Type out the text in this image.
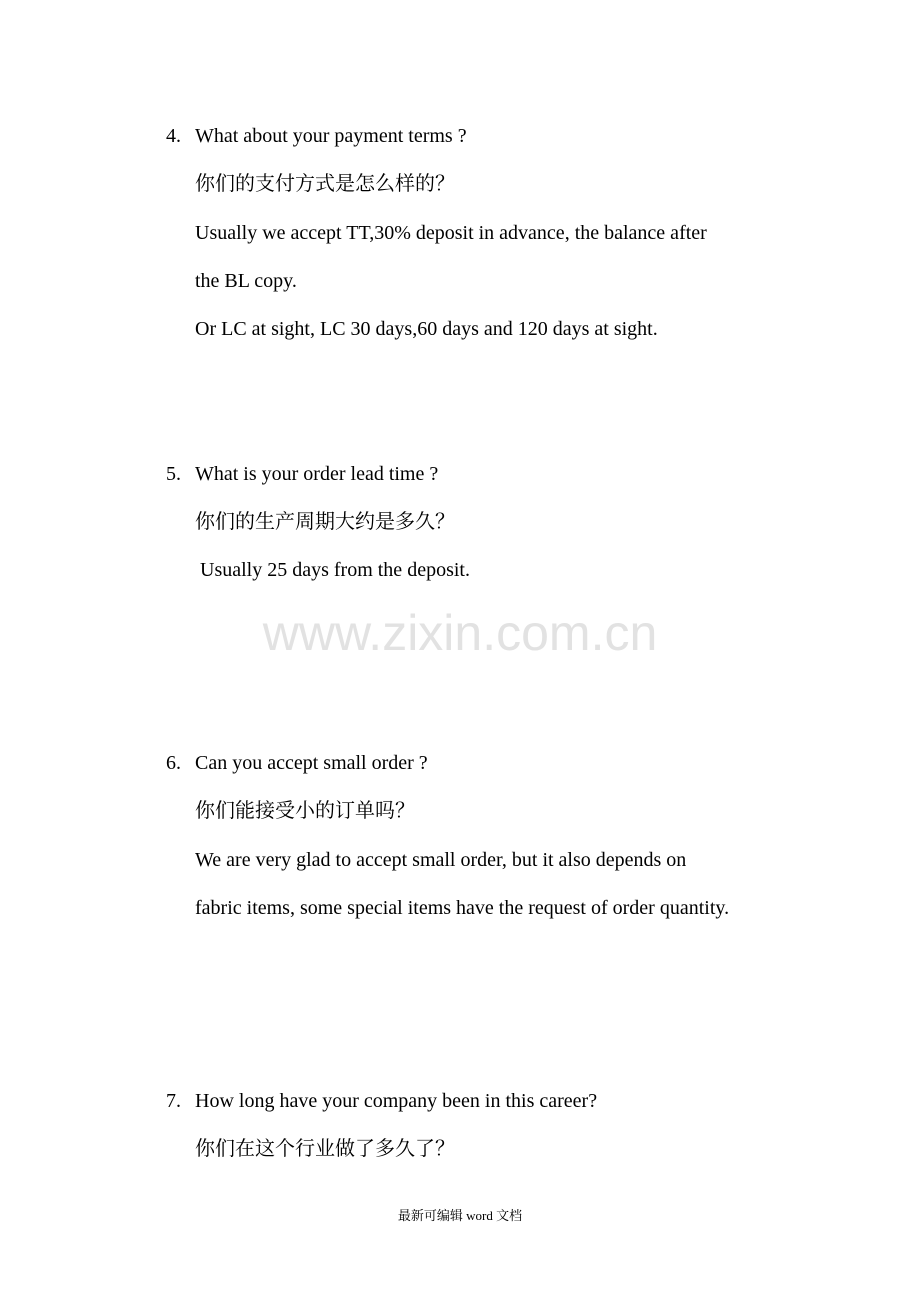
4. What about your payment terms ?

你们的支付方式是怎么样的？

Usually we accept TT,30% deposit in advance, the balance after

the BL copy.

Or LC at sight, LC 30 days,60 days and 120 days at sight.

5. What is your order lead time ?

你们的生产周期大约是多久？

Usually 25 days from the deposit.

www.zixin.com.cn
6. Can you accept small order ?

你们能接受小的订单吗？

We are very glad to accept small order, but it also depends on

fabric items, some special items have the request of order quantity.

7. How long have your company been in this career?

你们在这个行业做了多久了？

最新可编辑 word 文档
